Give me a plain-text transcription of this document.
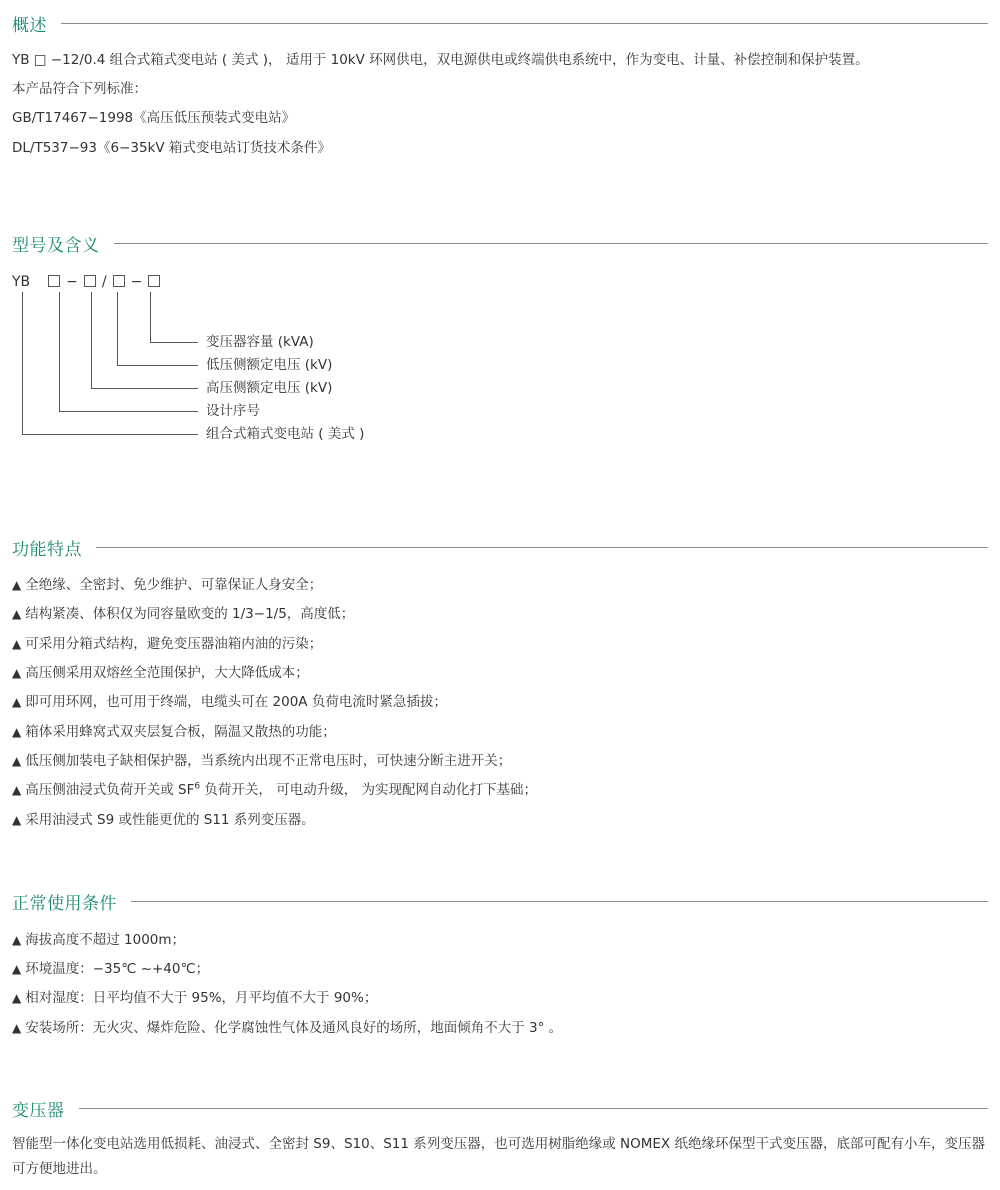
概述
YB □ −12/0.4 组合式箱式变电站 ( 美式 )， 适用于 10kV 环网供电，双电源供电或终端供电系统中，作为变电、计量、补偿控制和保护装置。
本产品符合下列标准：
GB/T17467−1998《高压低压预装式变电站》
DL/T537−93《6−35kV 箱式变电站订货技术条件》
型号及含义
YB	− / −
变压器容量 (kVA)
低压侧额定电压 (kV)
高压侧额定电压 (kV)
设计序号
组合式箱式变电站 ( 美式 )
功能特点
▲ 全绝缘、全密封、免少维护、可靠保证人身安全；
▲ 结构紧凑、体积仅为同容量欧变的 1/3−1/5，高度低；
▲ 可采用分箱式结构，避免变压器油箱内油的污染；
▲ 高压侧采用双熔丝全范围保护，大大降低成本；
▲ 即可用环网，也可用于终端，电缆头可在 200A 负荷电流时紧急插拔；
▲ 箱体采用蜂窝式双夹层复合板，隔温又散热的功能；
▲ 低压侧加装电子缺相保护器，当系统内出现不正常电压时，可快速分断主进开关；
▲ 高压侧油浸式负荷开关或 $SF^6$ 负荷开关， 可电动升级， 为实现配网自动化打下基础；
▲ 采用油浸式 S9 或性能更优的 S11 系列变压器。
正常使用条件
▲ 海拔高度不超过 1000m；
▲ 环境温度：−35℃ ~+40℃；
▲ 相对湿度：日平均值不大于 95%，月平均值不大于 90%；
▲ 安装场所：无火灾、爆炸危险、化学腐蚀性气体及通风良好的场所，地面倾角不大于 3° 。
变压器
智能型一体化变电站选用低损耗、油浸式、全密封 S9、S10、S11 系列变压器，也可选用树脂绝缘或 NOMEX 纸绝缘环保型干式变压器，底部可配有小车，变压器可方便地进出。
